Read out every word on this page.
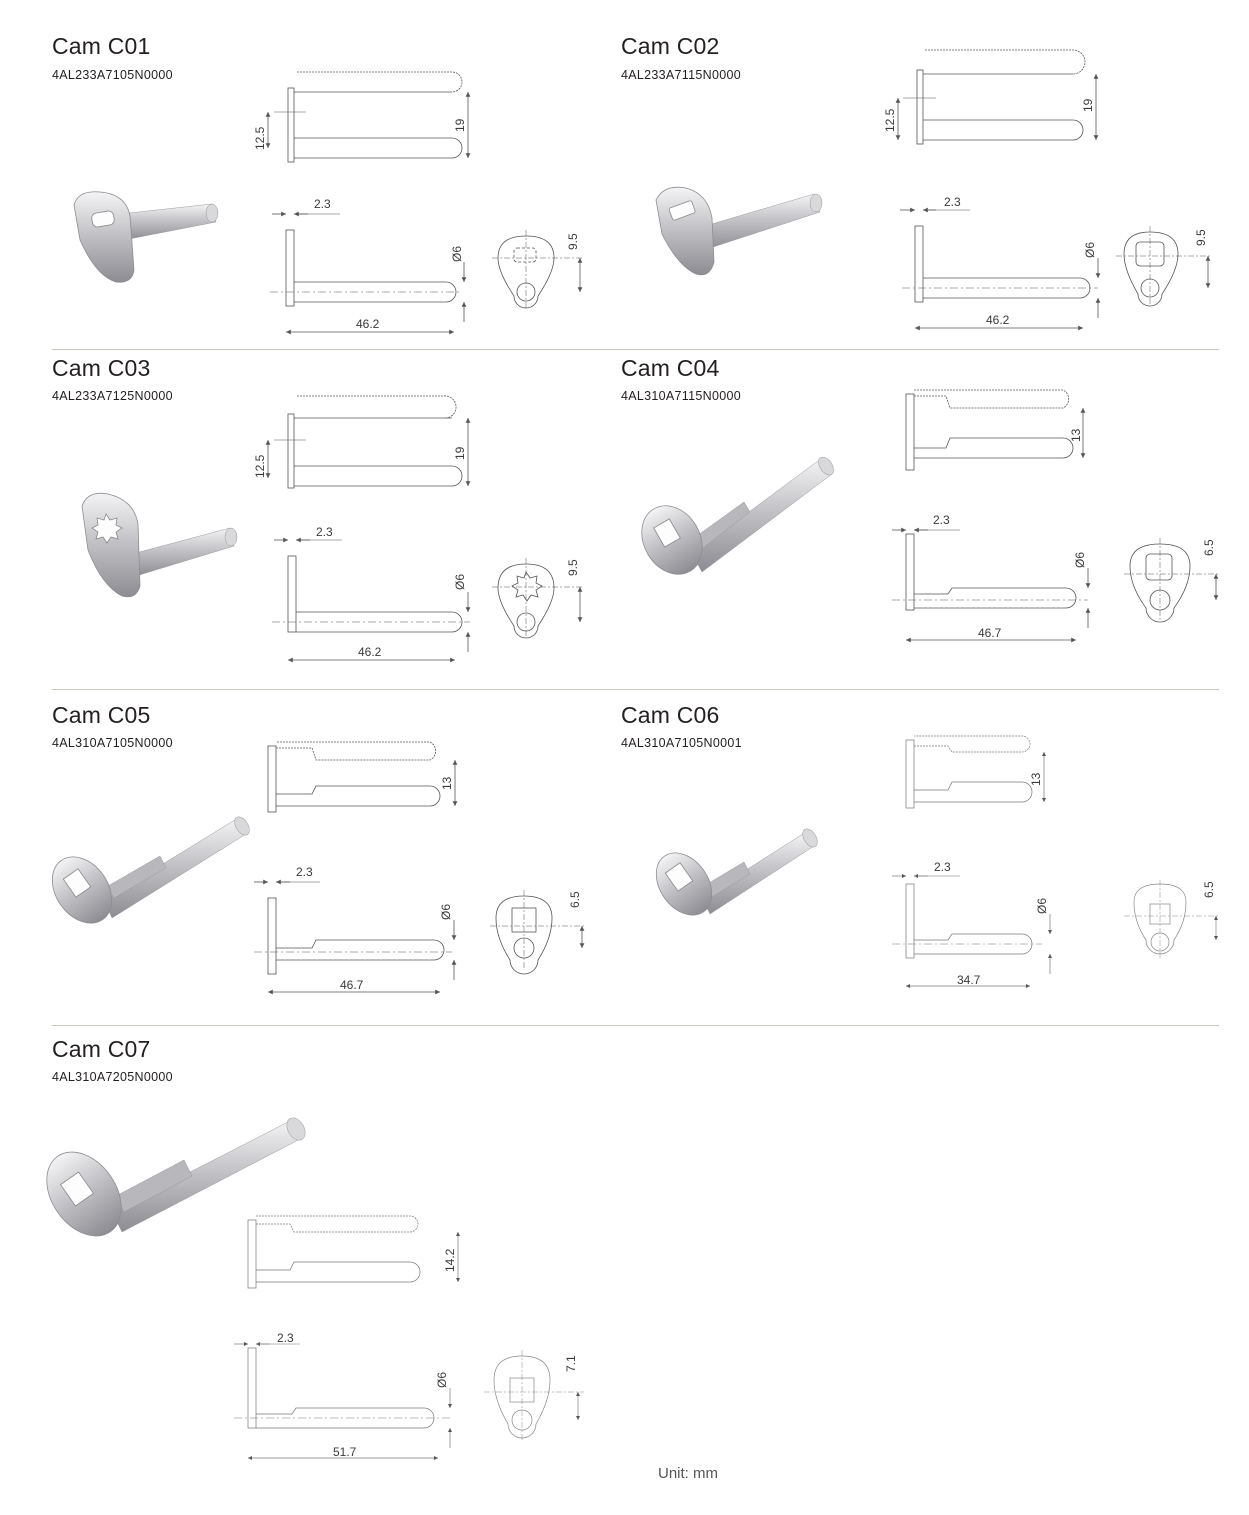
Cam C01
4AL233A7105N0000
12.5
19
2.3
Ø6
46.2
9.5
Cam C02
4AL233A7115N0000
12.5
19
2.3
Ø6
46.2
9.5
Cam C03
4AL233A7125N0000
12.5
19
2.3
Ø6
46.2
9.5
Cam C04
4AL310A7115N0000
13
2.3
Ø6
46.7
6.5
Cam C05
4AL310A7105N0000
13
2.3
Ø6
46.7
6.5
Cam C06
4AL310A7105N0001
13
2.3
Ø6
34.7
6.5
Cam C07
4AL310A7205N0000
14.2
2.3
Ø6
51.7
7.1
Unit: mm
